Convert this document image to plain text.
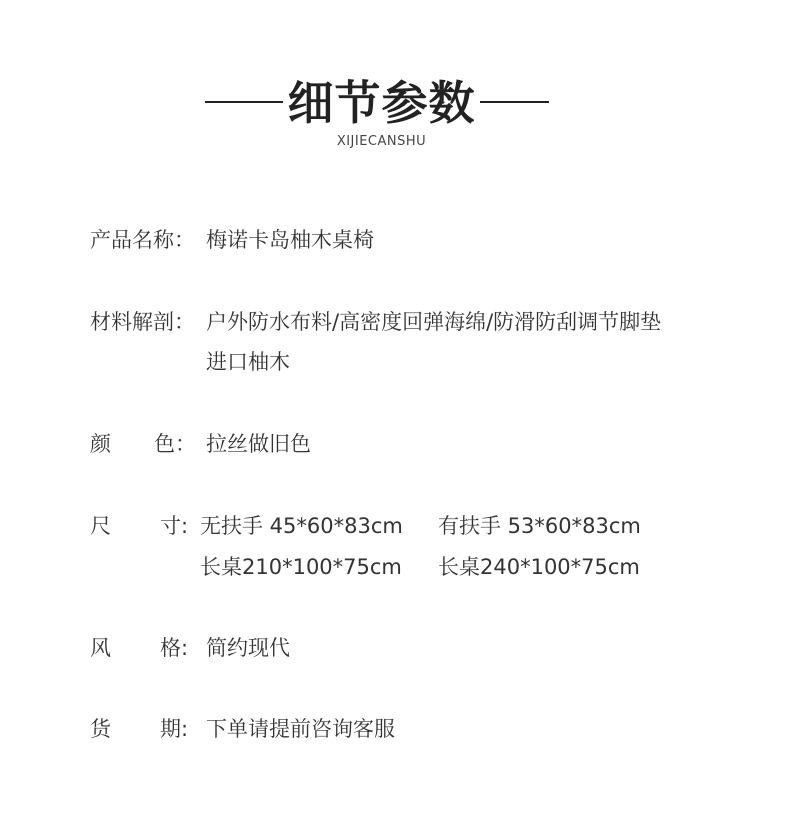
细节参数
XIJIECANSHU
产品名称： 梅诺卡岛柚木桌椅
材料解剖： 户外防水布料/高密度回弹海绵/防滑防刮调节脚垫
进口柚木
颜 色： 拉丝做旧色
尺 寸: 无扶手 45*60*83cm 有扶手 53*60*83cm
长桌210*100*75cm 长桌240*100*75cm
风 格: 简约现代
货 期: 下单请提前咨询客服
